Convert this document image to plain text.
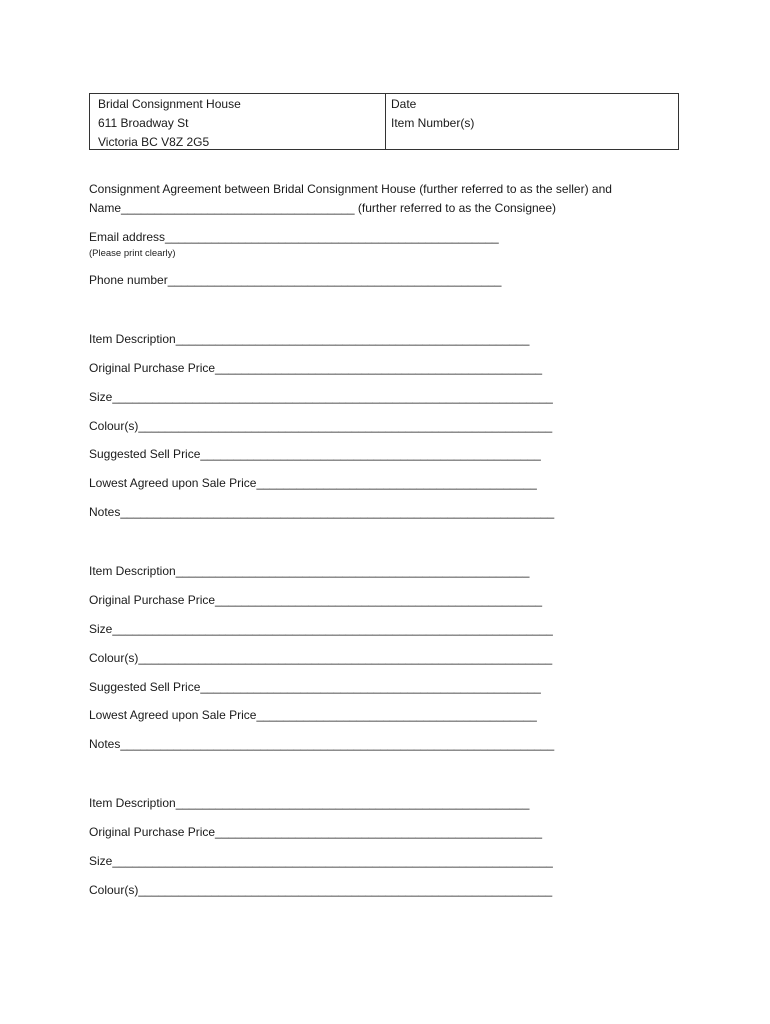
Bridal Consignment House
611 Broadway St
Victoria BC V8Z 2G5
Date
Item Number(s)
Consignment Agreement between Bridal Consignment House (further referred to as the seller) and
Name___________________________________ (further referred to as the Consignee)
Email address__________________________________________________
(Please print clearly)
Phone number__________________________________________________
Item Description_____________________________________________________
Original Purchase Price_________________________________________________
Size__________________________________________________________________
Colour(s)______________________________________________________________
Suggested Sell Price___________________________________________________
Lowest Agreed upon Sale Price__________________________________________
Notes_________________________________________________________________
Item Description_____________________________________________________
Original Purchase Price_________________________________________________
Size__________________________________________________________________
Colour(s)______________________________________________________________
Suggested Sell Price___________________________________________________
Lowest Agreed upon Sale Price__________________________________________
Notes_________________________________________________________________
Item Description_____________________________________________________
Original Purchase Price_________________________________________________
Size__________________________________________________________________
Colour(s)______________________________________________________________
